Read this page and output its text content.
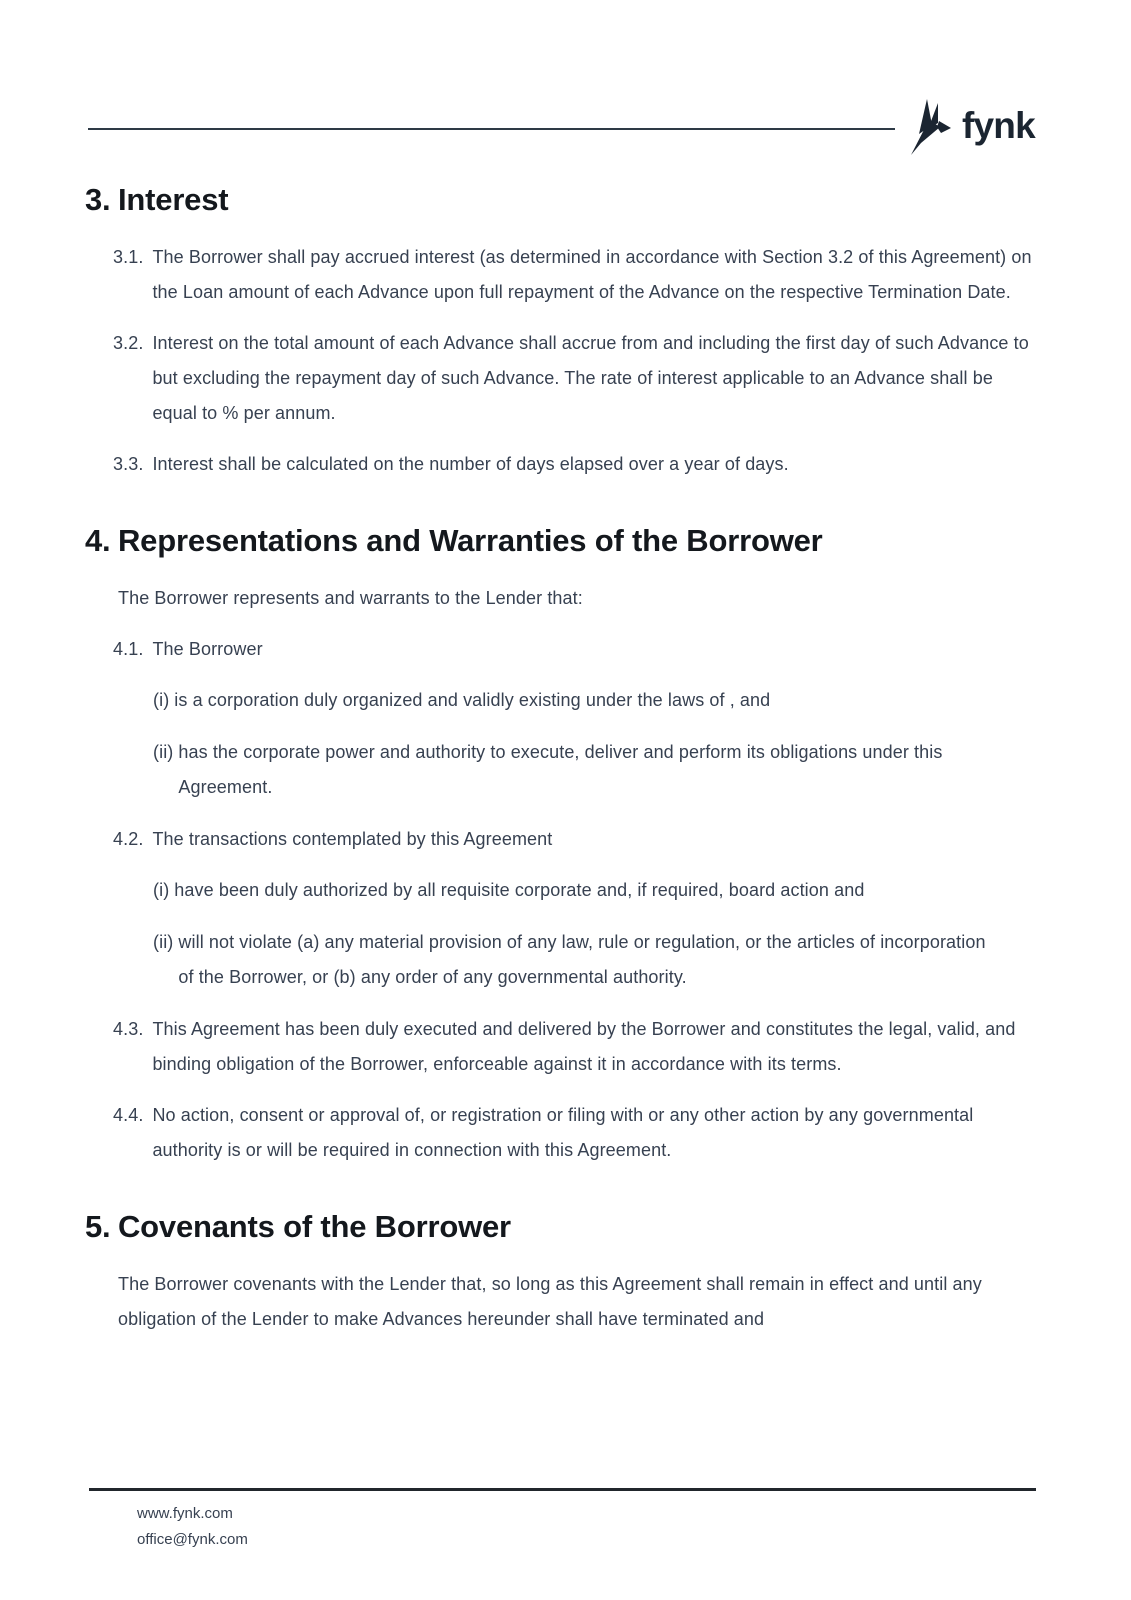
fynk
3. Interest
3.1. The Borrower shall pay accrued interest (as determined in accordance with Section 3.2 of this Agreement) on the Loan amount of each Advance upon full repayment of the Advance on the respective Termination Date.
3.2. Interest on the total amount of each Advance shall accrue from and including the first day of such Advance to but excluding the repayment day of such Advance. The rate of interest applicable to an Advance shall be equal to % per annum.
3.3. Interest shall be calculated on the number of days elapsed over a year of days.
4. Representations and Warranties of the Borrower

The Borrower represents and warrants to the Lender that:

4.1. The Borrower
(i) is a corporation duly organized and validly existing under the laws of , and
(ii) has the corporate power and authority to execute, deliver and perform its obligations under this Agreement.
4.2. The transactions contemplated by this Agreement
(i) have been duly authorized by all requisite corporate and, if required, board action and
(ii) will not violate (a) any material provision of any law, rule or regulation, or the articles of incorporation of the Borrower, or (b) any order of any governmental authority.
4.3. This Agreement has been duly executed and delivered by the Borrower and constitutes the legal, valid, and binding obligation of the Borrower, enforceable against it in accordance with its terms.
4.4. No action, consent or approval of, or registration or filing with or any other action by any governmental authority is or will be required in connection with this Agreement.
5. Covenants of the Borrower

The Borrower covenants with the Lender that, so long as this Agreement shall remain in effect and until any obligation of the Lender to make Advances hereunder shall have terminated and

www.fynk.com
office@fynk.com
